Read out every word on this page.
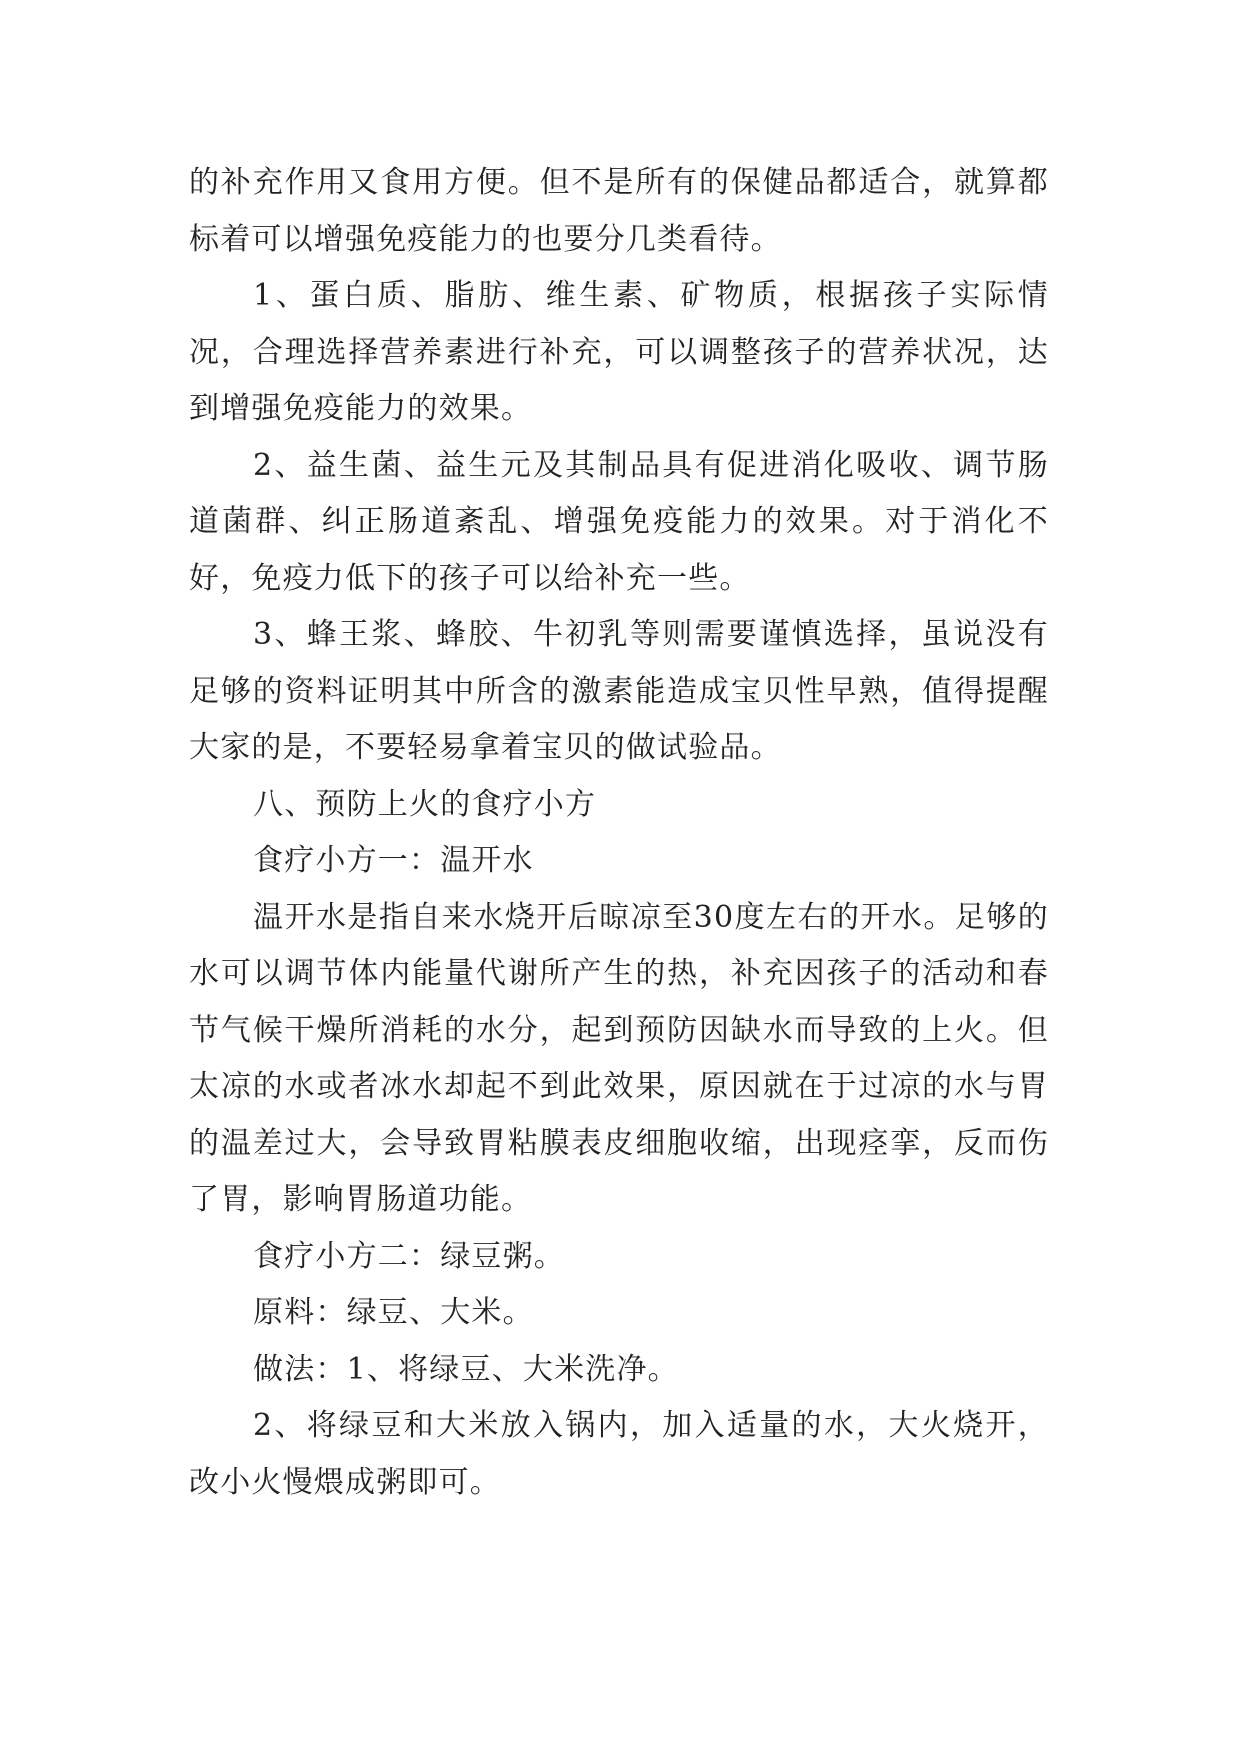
的补充作用又食用方便。但不是所有的保健品都适合，就算都标着可以增强免疫能力的也要分几类看待。

1、蛋白质、脂肪、维生素、矿物质，根据孩子实际情况，合理选择营养素进行补充，可以调整孩子的营养状况，达到增强免疫能力的效果。

2、益生菌、益生元及其制品具有促进消化吸收、调节肠道菌群、纠正肠道紊乱、增强免疫能力的效果。对于消化不好，免疫力低下的孩子可以给补充一些。

3、蜂王浆、蜂胶、牛初乳等则需要谨慎选择，虽说没有足够的资料证明其中所含的激素能造成宝贝性早熟，值得提醒大家的是，不要轻易拿着宝贝的做试验品。

八、预防上火的食疗小方

食疗小方一：温开水

温开水是指自来水烧开后晾凉至30度左右的开水。足够的水可以调节体内能量代谢所产生的热，补充因孩子的活动和春节气候干燥所消耗的水分，起到预防因缺水而导致的上火。但太凉的水或者冰水却起不到此效果，原因就在于过凉的水与胃的温差过大，会导致胃粘膜表皮细胞收缩，出现痉挛，反而伤了胃，影响胃肠道功能。

食疗小方二：绿豆粥。

原料：绿豆、大米。

做法：1、将绿豆、大米洗净。

2、将绿豆和大米放入锅内，加入适量的水，大火烧开，改小火慢煨成粥即可。
